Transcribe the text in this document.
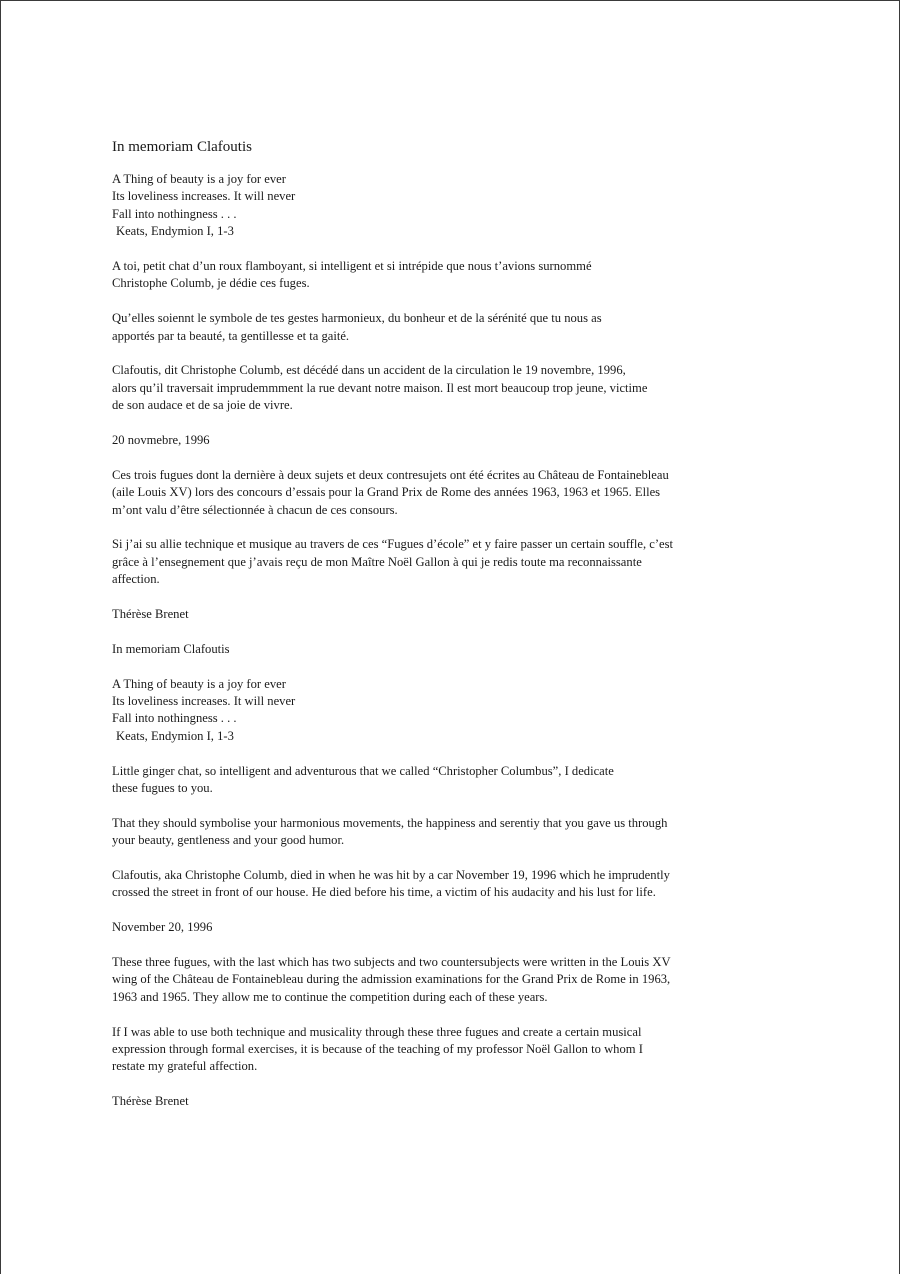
In memoriam Clafoutis
A Thing of beauty is a joy for ever
Its loveliness increases. It will never
Fall into nothingness . . .
Keats, Endymion I, 1-3
A toi, petit chat d’un roux flamboyant, si intelligent et si intrépide que nous t’avions surnommé
Christophe Columb, je dédie ces fuges.
Qu’elles soiennt le symbole de tes gestes harmonieux, du bonheur et de la sérénité que tu nous as
apportés par ta beauté, ta gentillesse et ta gaité.
Clafoutis, dit Christophe Columb, est décédé dans un accident de la circulation le 19 novembre, 1996,
alors qu’il traversait imprudemmment la rue devant notre maison. Il est mort beaucoup trop jeune, victime
de son audace et de sa joie de vivre.
20 novmebre, 1996
Ces trois fugues dont la dernière à deux sujets et deux contresujets ont été écrites au Château de Fontainebleau
(aile Louis XV) lors des concours d’essais pour la Grand Prix de Rome des années 1963, 1963 et 1965. Elles
m’ont valu d’être sélectionnée à chacun de ces consours.
Si j’ai su allie technique et musique au travers de ces “Fugues d’école” et y faire passer un certain souffle, c’est
grâce à l’ensegnement que j’avais reçu de mon Maître Noël Gallon à qui je redis toute ma reconnaissante
affection.
Thérèse Brenet
In memoriam Clafoutis
A Thing of beauty is a joy for ever
Its loveliness increases. It will never
Fall into nothingness . . .
Keats, Endymion I, 1-3
Little ginger chat, so intelligent and adventurous that we called “Christopher Columbus”, I dedicate
these fugues to you.
That they should symbolise your harmonious movements, the happiness and serentiy that you gave us through
your beauty, gentleness and your good humor.
Clafoutis, aka Christophe Columb, died in when he was hit by a car November 19, 1996 which he imprudently
crossed the street in front of our house. He died before his time, a victim of his audacity and his lust for life.
November 20, 1996
These three fugues, with the last which has two subjects and two countersubjects were written in the Louis XV
wing of the Château de Fontainebleau during the admission examinations for the Grand Prix de Rome in 1963,
1963 and 1965. They allow me to continue the competition during each of these years.
If I was able to use both technique and musicality through these three fugues and create a certain musical
expression through formal exercises, it is because of the teaching of my professor Noël Gallon to whom I
restate my grateful affection.
Thérèse Brenet
